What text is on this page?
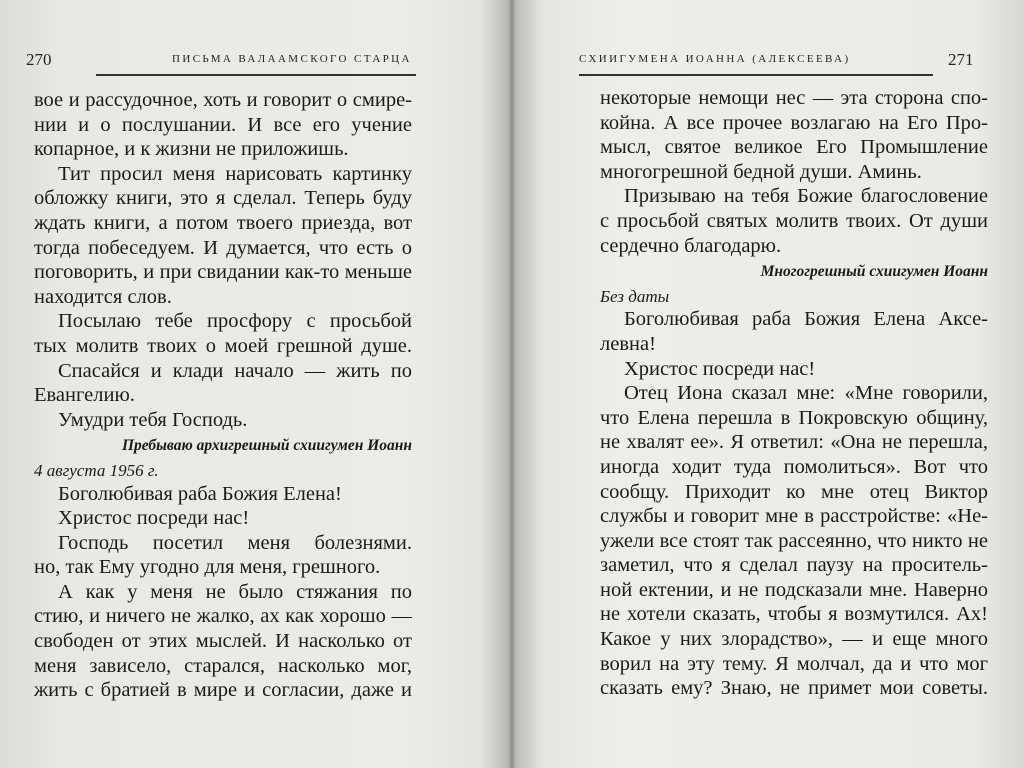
270	ПИСЬМА ВАЛААМСКОГО СТАРЦА
вое и рассудочное, хоть и говорит о смире-
нии и о послушании. И все его учение
копарное, и к жизни не приложишь.
Тит просил меня нарисовать картинку
обложку книги, это я сделал. Теперь буду
ждать книги, а потом твоего приезда, вот
тогда побеседуем. И думается, что есть о
поговорить, и при свидании как-то меньше
находится слов.
Посылаю тебе просфору с просьбой
тых молитв твоих о моей грешной душе.
Спасайся и клади начало — жить по
Евангелию.
Умудри тебя Господь.
Пребываю архигрешный схиигумен Иоанн
4 августа 1956 г.
Боголюбивая раба Божия Елена!
Христос посреди нас!
Господь посетил меня болезнями.
но, так Ему угодно для меня, грешного.
А как у меня не было стяжания по
стию, и ничего не жалко, ах как хорошо —
свободен от этих мыслей. И насколько от
меня зависело, старался, насколько мог,
жить с братией в мире и согласии, даже и
271
СХИИГУМЕНА ИОАННА (АЛЕКСЕЕВА)
некоторые немощи нес — эта сторона спо-
койна. А все прочее возлагаю на Его Про-
мысл, святое великое Его Промышление
многогрешной бедной души. Аминь.
Призываю на тебя Божие благословение
с просьбой святых молитв твоих. От души
сердечно благодарю.
Многогрешный схиигумен Иоанн
Без даты
Боголюбивая раба Божия Елена Аксе-
левна!
Христос посреди нас!
Отец Иона сказал мне: «Мне говорили,
что Елена перешла в Покровскую общину,
не хвалят ее». Я ответил: «Она не перешла,
иногда ходит туда помолиться». Вот что
сообщу. Приходит ко мне отец Виктор
службы и говорит мне в расстройстве: «Не-
ужели все стоят так рассеянно, что никто не
заметил, что я сделал паузу на проситель-
ной ектении, и не подсказали мне. Наверно
не хотели сказать, чтобы я возмутился. Ах!
Какое у них злорадство», — и еще много
ворил на эту тему. Я молчал, да и что мог
сказать ему? Знаю, не примет мои советы.
